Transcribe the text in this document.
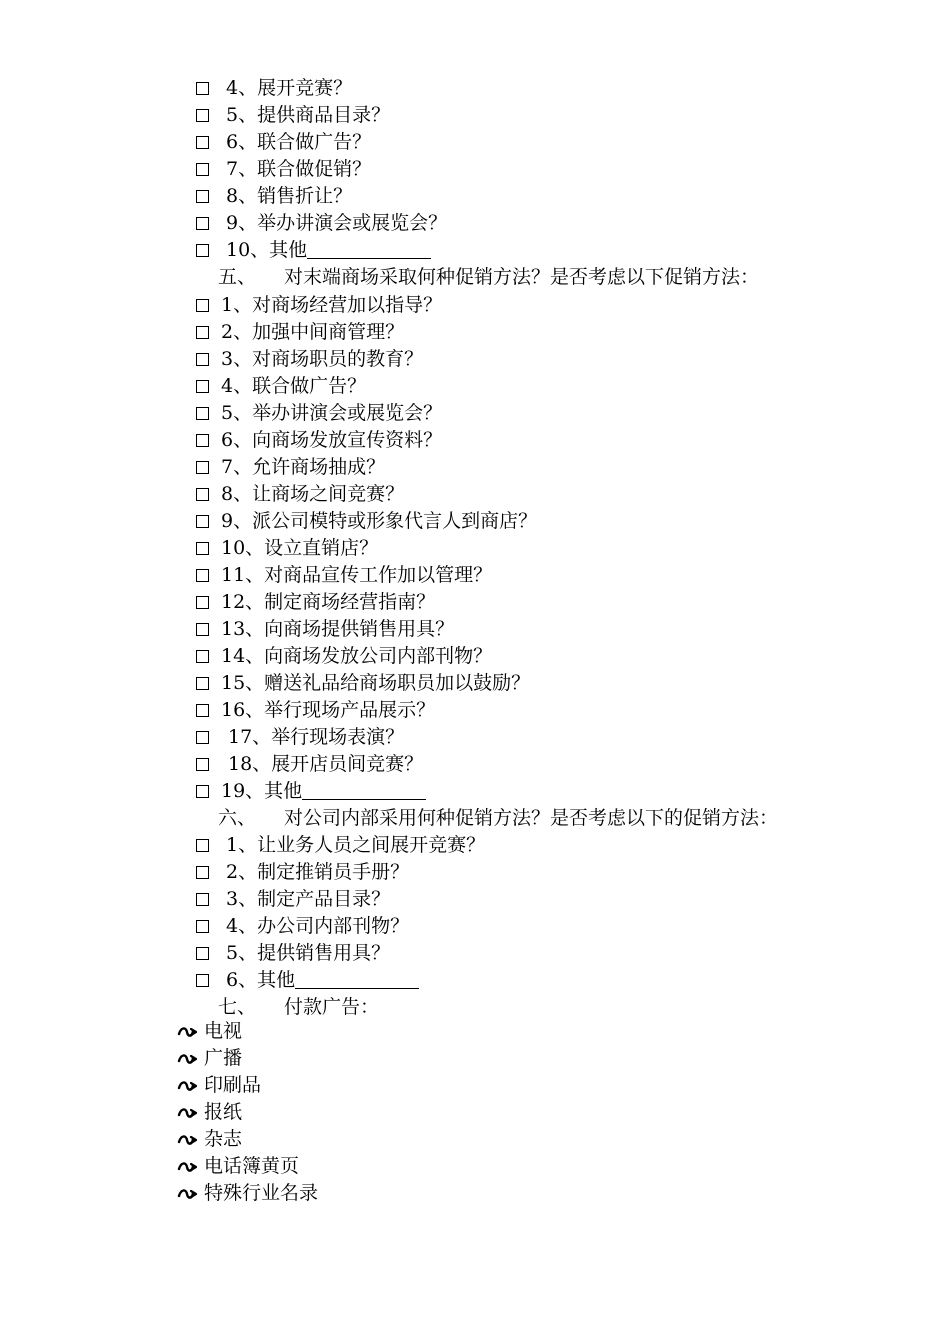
4、展开竞赛？
5、提供商品目录？
6、联合做广告？
7、联合做促销？
8、销售折让？
9、举办讲演会或展览会？
10、其他
五、 对末端商场采取何种促销方法？是否考虑以下促销方法：
1、对商场经营加以指导？
2、加强中间商管理？
3、对商场职员的教育？
4、联合做广告？
5、举办讲演会或展览会？
6、向商场发放宣传资料？
7、允许商场抽成？
8、让商场之间竞赛？
9、派公司模特或形象代言人到商店？
10、设立直销店？
11、对商品宣传工作加以管理？
12、制定商场经营指南？
13、向商场提供销售用具？
14、向商场发放公司内部刊物？
15、赠送礼品给商场职员加以鼓励？
16、举行现场产品展示？
17、举行现场表演？
18、展开店员间竞赛？
19、其他
六、 对公司内部采用何种促销方法？是否考虑以下的促销方法：
1、让业务人员之间展开竞赛？
2、制定推销员手册？
3、制定产品目录？
4、办公司内部刊物？
5、提供销售用具？
6、其他
七、 付款广告：
电视
广播
印刷品
报纸
杂志
电话簿黄页
特殊行业名录
